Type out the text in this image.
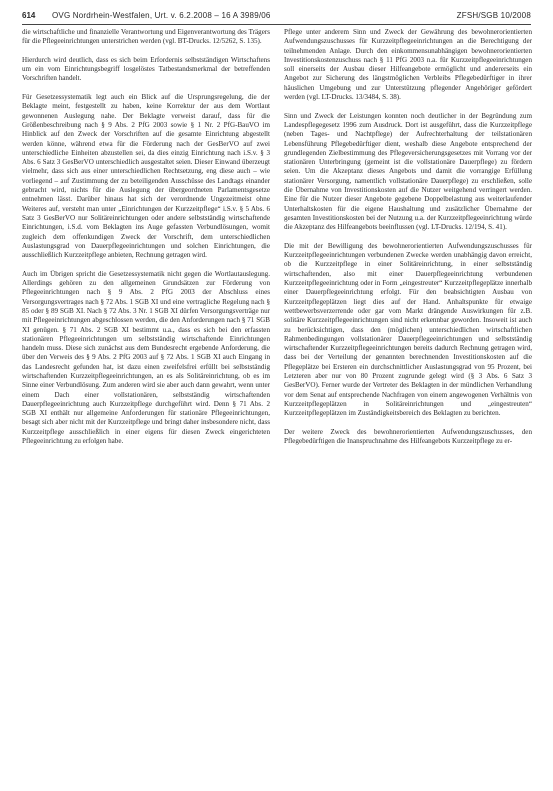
614 OVG Nordrhein-Westfalen, Urt. v. 6.2.2008 – 16 A 3989/06	ZFSH/SGB 10/2008

die wirtschaftliche und finanzielle Verantwortung und Eigenverantwortung des Trägers für die Pflegeeinrichtungen unterstrichen werden (vgl. BT-Drucks. 12/5262, S. 135).

Hierdurch wird deutlich, dass es sich beim Erfordernis selbstständigen Wirtschaftens um ein vom Einrichtungsbegriff losgelöstes Tatbestandsmerkmal der betreffenden Vorschriften handelt.

Für Gesetzessystematik legt auch ein Blick auf die Ursprungsregelung, die der Beklagte meint, festgestellt zu haben, keine Korrektur der aus dem Wortlaut gewonnenen Auslegung nahe. Der Beklagte verweist darauf, dass für die Größenbeschreibung nach § 9 Abs. 2 PfG 2003 sowie § 1 Nr. 2 PfG-BauVO im Hinblick auf den Zweck der Vorschriften auf die gesamte Einrichtung abgestellt werden könne, während etwa für die Förderung nach der GesBerVO auf zwei unterschiedliche Einheiten abzustellen sei, da dies einzig Einrichtung nach i.S.v. § 3 Abs. 6 Satz 3 GesBerVO unterschiedlich ausgestaltet seien. Dieser Einwand überzeugt vielmehr, dass sich aus einer unterschiedlichen Rechtsetzung, eng diese auch – wie vorliegend – auf Zustimmung der zu beteiligenden Ausschüsse des Landtags einander gebracht wird, nichts für die Auslegung der übergeordneten Parlamentsgesetze entnehmen lässt. Darüber hinaus hat sich der verordnende Ungezeitmeist ohne Weiteres auf, versteht man unter „Einrichtungen der Kurzzeitpflege“ i.S.v. § 5 Abs. 6 Satz 3 GesBerVO nur Solitäreinrichtungen oder andere selbstständig wirtschaftende Einrichtungen, i.S.d. vom Beklagten ins Auge gefassten Verbundlösungen, womit zugleich dem offenkundigen Zweck der Vorschrift, dem unterschiedlichen Auslastungsgrad von Dauerpflegeeinrichtungen und solchen Einrichtungen, die ausschließlich Kurzzeitpflege anbieten, Rechnung getragen wird.

Auch im Übrigen spricht die Gesetzessystematik nicht gegen die Wortlautauslegung. Allerdings gehören zu den allgemeinen Grundsätzen zur Förderung von Pflegeeinrichtungen nach § 9 Abs. 2 PfG 2003 der Abschluss eines Versorgungsvertrages nach § 72 Abs. 1 SGB XI und eine vertragliche Regelung nach § 85 oder § 89 SGB XI. Nach § 72 Abs. 3 Nr. 1 SGB XI dürfen Versorgungsverträge nur mit Pflegeeinrichtungen abgeschlossen werden, die den Anforderungen nach § 71 SGB XI genügen. § 71 Abs. 2 SGB XI bestimmt u.a., dass es sich bei den erfassten stationären Pflegeeinrichtungen um selbstständig wirtschaftende Einrichtungen handeln muss. Diese sich zunächst aus dem Bundesrecht ergebende Anforderung, die über den Verweis des § 9 Abs. 2 PfG 2003 auf § 72 Abs. 1 SGB XI auch Eingang in das Landesrecht gefunden hat, ist dazu einen zweifelsfrei erfüllt bei selbstständig wirtschaftenden Kurzzeitpflegeeinrichtungen, an es als Solitäreinrichtung, ob es im Sinne einer Verbundlösung. Zum anderen wird sie aber auch dann gewahrt, wenn unter einem Dach einer vollstationären, selbstständig wirtschaftenden Dauerpflegeeinrichtung auch Kurzzeitpflege durchgeführt wird. Denn § 71 Abs. 2 SGB XI enthält nur allgemeine Anforderungen für stationäre Pflegeeinrichtungen, besagt sich aber nicht mit der Kurzzeitpflege und bringt daher insbesondere nicht, dass Kurzzeitpflege ausschließlich in einer eigens für diesen Zweck eingerichteten Pflegeeinrichtung zu erfolgen habe.

Pflege unter anderem Sinn und Zweck der Gewährung des bewohnerorientierten Aufwendungszuschusses für Kurzzeitpflegeeinrichtungen an die Berechtigung der teilnehmenden Anlage. Durch den einkommensunabhängigen bewohnerorientierten Investitionskostenzuschuss nach § 11 PfG 2003 n.a. für Kurzzeitpflegeeinrichtungen soll einerseits der Ausbau dieser Hilfeangebote ermöglicht und andererseits ein Angebot zur Sicherung des längstmöglichen Verbleibs Pflegebedürftiger in ihrer häuslichen Umgebung und zur Unterstützung pflegender Angehöriger gefördert werden (vgl. LT-Drucks. 13/3484, S. 38).

Sinn und Zweck der Leistungen konnten noch deutlicher in der Begründung zum Landespflegegesetz 1996 zum Ausdruck. Dort ist ausgeführt, dass die Kurzzeitpflege (neben Tages- und Nachtpflege) der Aufrechterhaltung der teilstationären Lebensführung Pflegebedürftiger dient, weshalb diese Angebote entsprechend der grundlegenden Zielbestimmung des Pflegeversicherungsgesetzes mit Vorrang vor der stationären Unterbringung (gemeint ist die vollstationäre Dauerpflege) zu fördern seien. Um die Akzeptanz dieses Angebots und damit die vorrangige Erfüllung stationärer Versorgung, namentlich vollstationäre Dauerpflege) zu erschließen, solle die Übernahme von Investitionskosten auf die Nutzer weitgehend verringert werden. Eine für die Nutzer dieser Angebote gegebene Doppelbelastung aus weiterlaufender Unterhaltskosten für die eigene Haushaltung und zusätzlicher Übernahme der gesamten Investitionskosten bei der Nutzung u.a. der Kurzzeitpflegeeinrichtung würde die Akzeptanz des Hilfeangebots beeinflussen (vgl. LT-Drucks. 12/194, S. 41).

Die mit der Bewilligung des bewohnerorientierten Aufwendungszuschusses für Kurzzeitpflegeeinrichtungen verbundenen Zwecke werden unabhängig davon erreicht, ob die Kurzzeitpflege in einer Solitäreinrichtung, in einer selbstständig wirtschaftenden, also mit einer Dauerpflegeeinrichtung verbundenen Kurzzeitpflegeeinrichtung oder in Form „eingestreuter“ Kurzzeitpflegeplätze innerhalb einer Dauerpflegeeinrichtung erfolgt. Für den beabsichtigten Ausbau von Kurzzeitpflegeplätzen liegt dies auf der Hand. Anhaltspunkte für etwaige wettbewerbsverzerrende oder gar vom Markt drängende Auswirkungen für z.B. solitäre Kurzzeitpflegeeinrichtungen sind nicht erkennbar geworden. Insoweit ist auch zu berücksichtigen, dass den (möglichen) unterschiedlichen wirtschaftlichen Rahmenbedingungen vollstationärer Dauerpflegeeinrichtungen und selbstständig wirtschaftender Kurzzeitpflegeeinrichtungen bereits dadurch Rechnung getragen wird, dass bei der Verteilung der genannten berechnenden Investitionskosten auf die Pflegeplätze bei Ersteren ein durchschnittlicher Auslastungsgrad von 95 Prozent, bei Letzteren aber nur von 80 Prozent zugrunde gelegt wird (§ 3 Abs. 6 Satz 3 GesBerVO). Ferner wurde der Vertreter des Beklagten in der mündlichen Verhandlung vor dem Senat auf entsprechende Nachfragen von einem angewogenen Verhältnis von Kurzzeitpflegeplätzen in Solitäreinrichtungen und „eingestreuten“ Kurzzeitpflegeplätzen im Zuständigkeitsbereich des Beklagten zu berichten.

Der weitere Zweck des bewohnerorientierten Aufwendungszuschusses, den Pflegebedürftigen die Inanspruchnahme des Hilfeangebots Kurzzeitpflege zu er-
